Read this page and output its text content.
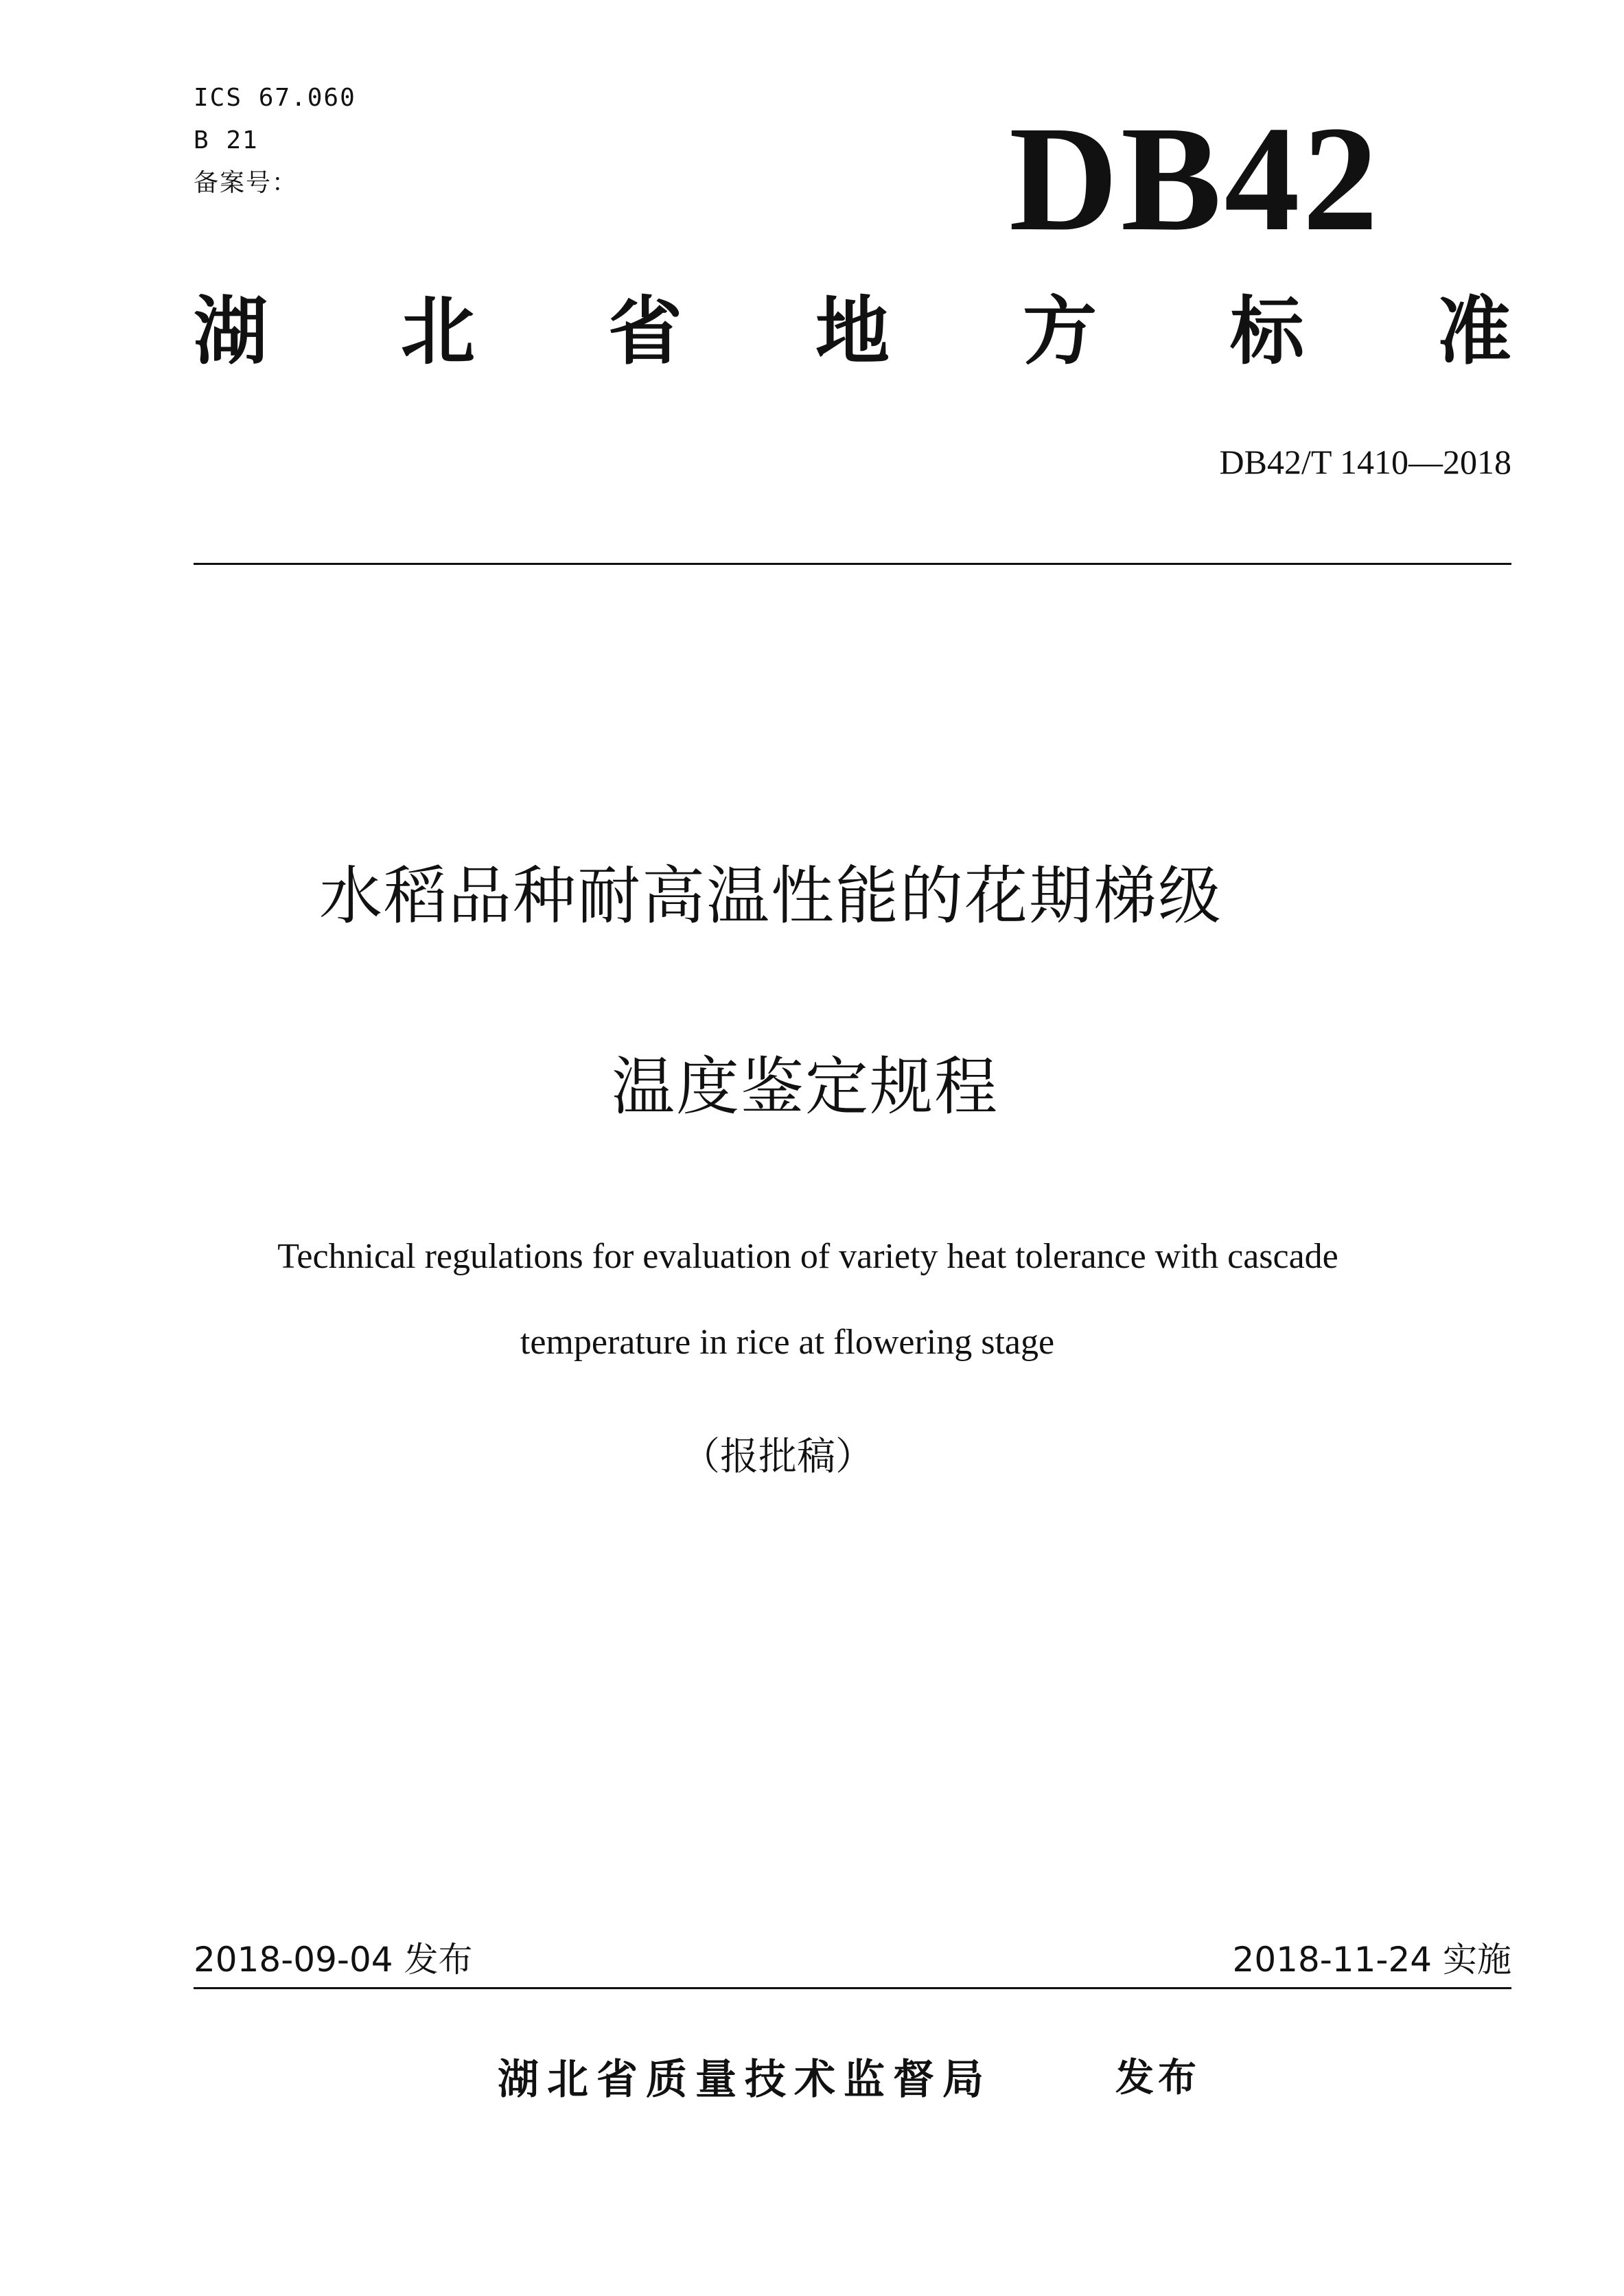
ICS 67.060
B 21
备案号：	DB42
湖 北 省 地 方 标 准
DB42/T 1410—2018
水稻品种耐高温性能的花期梯级
温度鉴定规程
Technical regulations for evaluation of variety heat tolerance with cascade
temperature in rice at flowering stage
（报批稿）
2018-09-04 发布	2018-11-24 实施
湖北省质量技术监督局	发布
